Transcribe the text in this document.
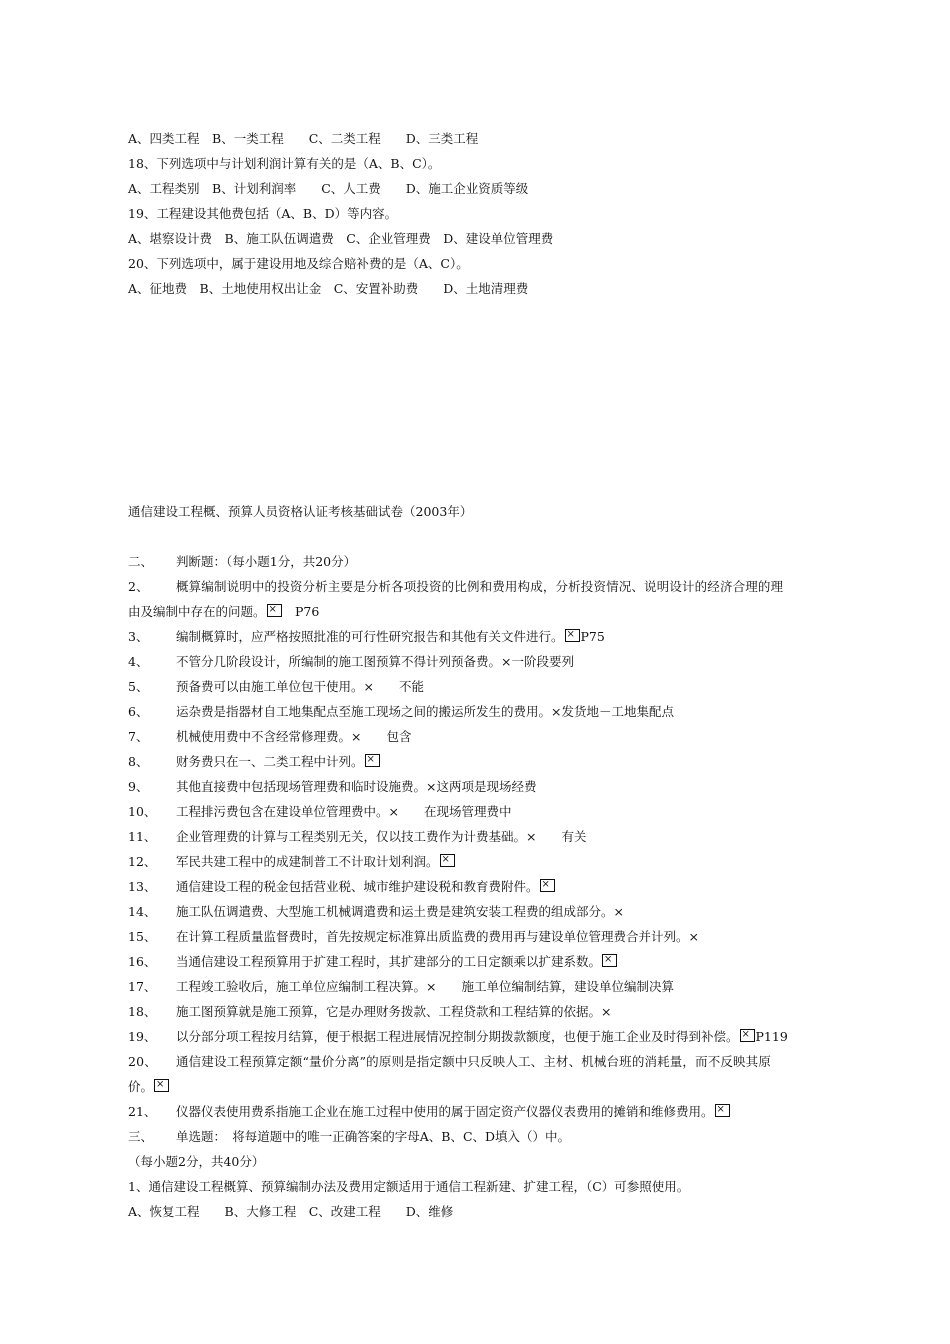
A、四类工程　B、一类工程　　C、二类工程　　D、三类工程
18、下列选项中与计划利润计算有关的是（A、B、C）。
A、工程类别　B、计划利润率　　C、人工费　　D、施工企业资质等级
19、工程建设其他费包括（A、B、D）等内容。
A、堪察设计费　B、施工队伍调遣费　C、企业管理费　D、建设单位管理费
20、下列选项中，属于建设用地及综合赔补费的是（A、C）。
A、征地费　B、土地使用权出让金　C、安置补助费　　D、土地清理费
通信建设工程概、预算人员资格认证考核基础试卷（2003年）
二、 判断题：（每小题1分，共20分）
2、 概算编制说明中的投资分析主要是分析各项投资的比例和费用构成，分析投资情况、说明设计的经济合理的理
由及编制中存在的问题。× 　P76
3、 编制概算时，应严格按照批准的可行性研究报告和其他有关文件进行。 × P75
4、 不管分几阶段设计，所编制的施工图预算不得计列预备费。×一阶段要列
5、 预备费可以由施工单位包干使用。×　　不能
6、 运杂费是指器材自工地集配点至施工现场之间的搬运所发生的费用。×发货地－工地集配点
7、 机械使用费中不含经常修理费。×　　包含
8、 财务费只在一、二类工程中计列。×
9、 其他直接费中包括现场管理费和临时设施费。×这两项是现场经费
10、 工程排污费包含在建设单位管理费中。×　　在现场管理费中
11、 企业管理费的计算与工程类别无关，仅以技工费作为计费基础。×　　有关
12、 军民共建工程中的成建制普工不计取计划利润。×
13、 通信建设工程的税金包括营业税、城市维护建设税和教育费附件。×
14、 施工队伍调遣费、大型施工机械调遣费和运土费是建筑安装工程费的组成部分。×
15、 在计算工程质量监督费时，首先按规定标准算出质监费的费用再与建设单位管理费合并计列。×
16、 当通信建设工程预算用于扩建工程时，其扩建部分的工日定额乘以扩建系数。×
17、 工程竣工验收后，施工单位应编制工程决算。×　　施工单位编制结算，建设单位编制决算
18、 施工图预算就是施工预算，它是办理财务拨款、工程贷款和工程结算的依据。×
19、 以分部分项工程按月结算，便于根据工程进展情况控制分期拨款额度，也便于施工企业及时得到补偿。 × P119
20、 通信建设工程预算定额“量价分离”的原则是指定额中只反映人工、主材、机械台班的消耗量，而不反映其原
价。×
21、 仪器仪表使用费系指施工企业在施工过程中使用的属于固定资产仪器仪表费用的摊销和维修费用。×
三、 单选题：　将每道题中的唯一正确答案的字母A、B、C、D填入（）中。
（每小题2分，共40分）
1、通信建设工程概算、预算编制办法及费用定额适用于通信工程新建、扩建工程，（C）可参照使用。
A、恢复工程　　B、大修工程　C、改建工程　　D、维修
